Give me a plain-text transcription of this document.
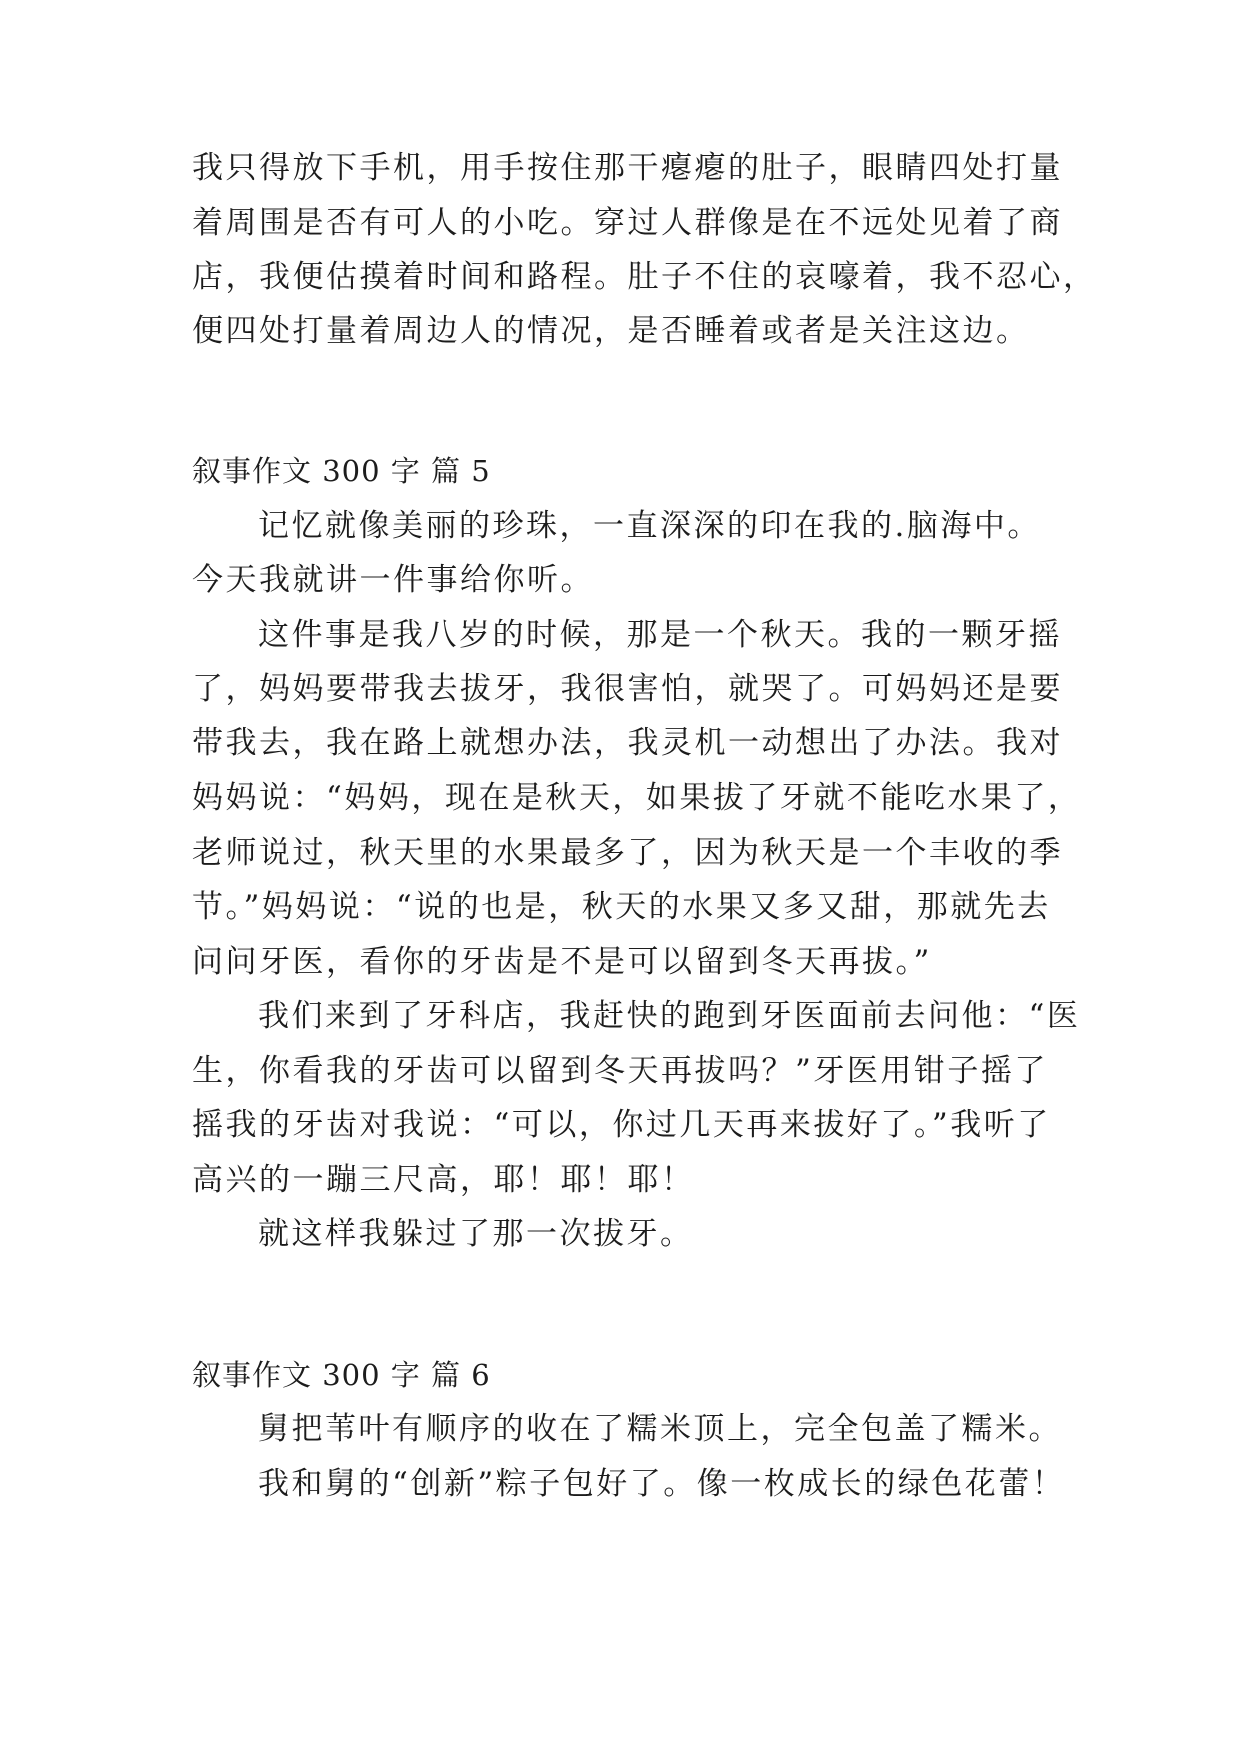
我只得放下手机，用手按住那干瘪瘪的肚子，眼睛四处打量
着周围是否有可人的小吃。穿过人群像是在不远处见着了商
店，我便估摸着时间和路程。肚子不住的哀嚎着，我不忍心，
便四处打量着周边人的情况，是否睡着或者是关注这边。
叙事作文 300 字 篇 5
记忆就像美丽的珍珠，一直深深的印在我的.脑海中。
今天我就讲一件事给你听。
这件事是我八岁的时候，那是一个秋天。我的一颗牙摇
了，妈妈要带我去拔牙，我很害怕，就哭了。可妈妈还是要
带我去，我在路上就想办法，我灵机一动想出了办法。我对
妈妈说：“妈妈，现在是秋天，如果拔了牙就不能吃水果了，
老师说过，秋天里的水果最多了，因为秋天是一个丰收的季
节。”妈妈说：“说的也是，秋天的水果又多又甜，那就先去
问问牙医，看你的牙齿是不是可以留到冬天再拔。”
我们来到了牙科店，我赶快的跑到牙医面前去问他：“医
生，你看我的牙齿可以留到冬天再拔吗？”牙医用钳子摇了
摇我的牙齿对我说：“可以，你过几天再来拔好了。”我听了
高兴的一蹦三尺高，耶！耶！耶！
就这样我躲过了那一次拔牙。
叙事作文 300 字 篇 6
舅把苇叶有顺序的收在了糯米顶上，完全包盖了糯米。
我和舅的“创新”粽子包好了。像一枚成长的绿色花蕾！
